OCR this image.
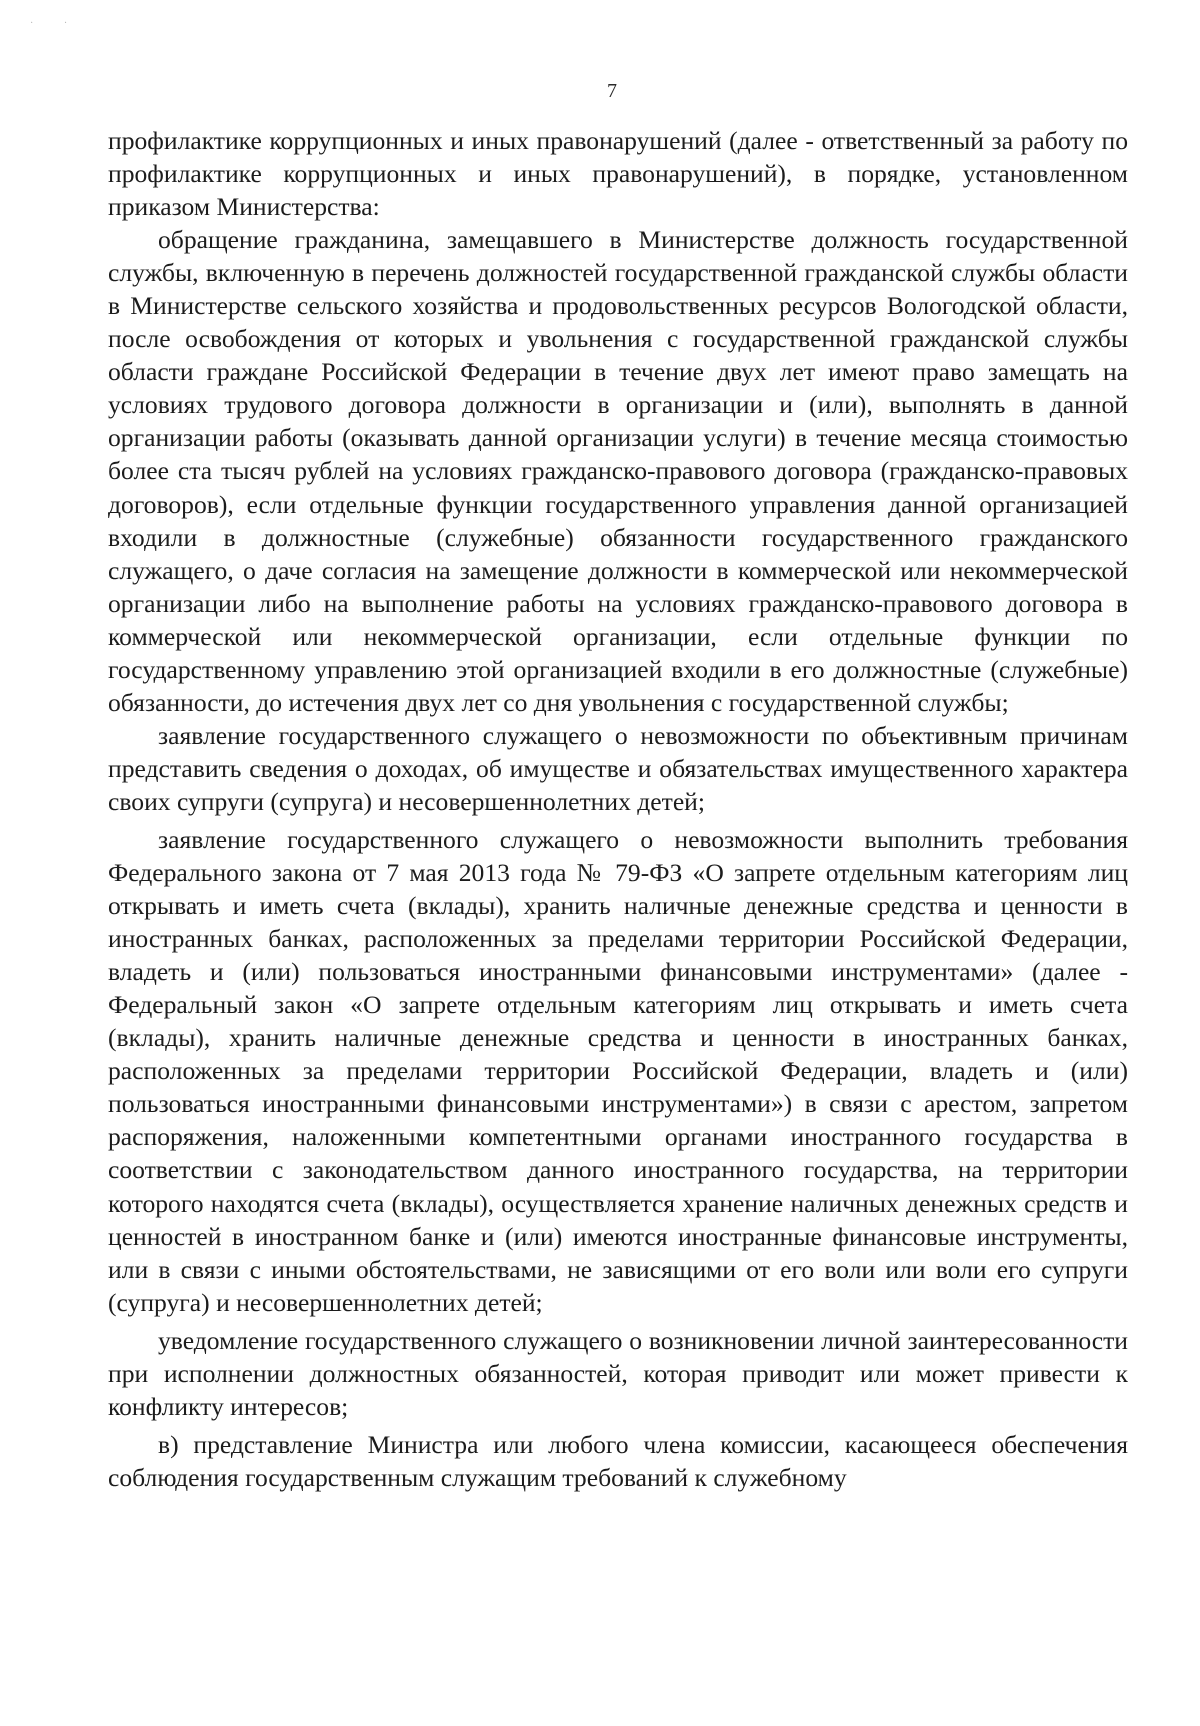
· ·
7

профилактике коррупционных и иных правонарушений (далее - ответственный за работу по профилактике коррупционных и иных правонарушений), в порядке, установленном приказом Министерства:

обращение гражданина, замещавшего в Министерстве должность государственной службы, включенную в перечень должностей государственной гражданской службы области в Министерстве сельского хозяйства и продовольственных ресурсов Вологодской области, после освобождения от которых и увольнения с государственной гражданской службы области граждане Российской Федерации в течение двух лет имеют право замещать на условиях трудового договора должности в организации и (или), выполнять в данной организации работы (оказывать данной организации услуги) в течение месяца стоимостью более ста тысяч рублей на условиях гражданско-правового договора (гражданско-правовых договоров), если отдельные функции государственного управления данной организацией входили в должностные (служебные) обязанности государственного гражданского служащего, о даче согласия на замещение должности в коммерческой или некоммерческой организации либо на выполнение работы на условиях гражданско-правового договора в коммерческой или некоммерческой организации, если отдельные функции по государственному управлению этой организацией входили в его должностные (служебные) обязанности, до истечения двух лет со дня увольнения с государственной службы;

заявление государственного служащего о невозможности по объективным причинам представить сведения о доходах, об имуществе и обязательствах имущественного характера своих супруги (супруга) и несовершеннолетних детей;

заявление государственного служащего о невозможности выполнить требования Федерального закона от 7 мая 2013 года № 79-ФЗ «О запрете отдельным категориям лиц открывать и иметь счета (вклады), хранить наличные денежные средства и ценности в иностранных банках, расположенных за пределами территории Российской Федерации, владеть и (или) пользоваться иностранными финансовыми инструментами» (далее - Федеральный закон «О запрете отдельным категориям лиц открывать и иметь счета (вклады), хранить наличные денежные средства и ценности в иностранных банках, расположенных за пределами территории Российской Федерации, владеть и (или) пользоваться иностранными финансовыми инструментами») в связи с арестом, запретом распоряжения, наложенными компетентными органами иностранного государства в соответствии с законодательством данного иностранного государства, на территории которого находятся счета (вклады), осуществляется хранение наличных денежных средств и ценностей в иностранном банке и (или) имеются иностранные финансовые инструменты, или в связи с иными обстоятельствами, не зависящими от его воли или воли его супруги (супруга) и несовершеннолетних детей;

уведомление государственного служащего о возникновении личной заинтересованности при исполнении должностных обязанностей, которая приводит или может привести к конфликту интересов;

в) представление Министра или любого члена комиссии, касающееся обеспечения соблюдения государственным служащим требований к служебному
